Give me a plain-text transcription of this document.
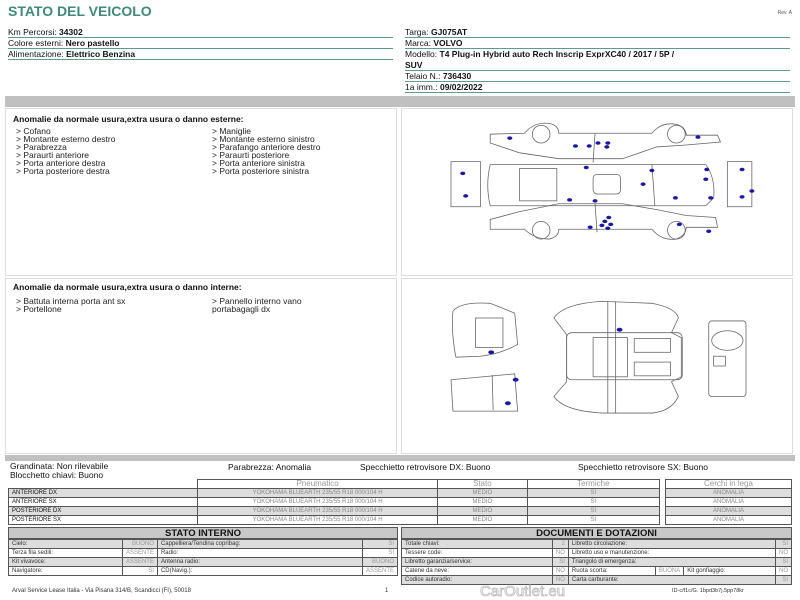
STATO DEL VEICOLO	Rev. A
Km Percorsi: 34302
Colore esterni: Nero pastello
Alimentazione: Elettrico Benzina
Targa: GJ075AT
Marca: VOLVO
Modello: T4 Plug-in Hybrid auto Rech Inscrip ExprXC40 / 2017 / 5P /
SUV
Telaio N.: 736430
1a imm.: 09/02/2022
Anomalie da normale usura,extra usura o danno esterne:
> Cofano
> Montante esterno destro
> Parabrezza
> Paraurti anteriore
> Porta anteriore destra
> Porta posteriore destra
> Maniglie
> Montante esterno sinistro
> Parafango anteriore destro
> Paraurti posteriore
> Porta anteriore sinistra
> Porta posteriore sinistra
Anomalie da normale usura,extra usura o danno interne:
> Battuta interna porta ant sx
> Portellone
> Pannello interno vano
portabagagli dx
Grandinata: Non rilevabile
Blocchetto chiavi: Buono
Parabrezza: Anomalia	Specchietto retrovisore DX: Buono	Specchietto retrovisore SX: Buono
	Pneumatico	Stato	Termiche
ANTERIORE DX	YOKOHAMA BLUEARTH 235/55 R18 000/104 H	MEDIO	SI
ANTERIORE SX	YOKOHAMA BLUEARTH 235/55 R18 000/104 H	MEDIO	SI
POSTERIORE DX	YOKOHAMA BLUEARTH 235/55 R18 000/104 H	MEDIO	SI
POSTERIORE SX	YOKOHAMA BLUEARTH 235/55 R18 000/104 H	MEDIO	SI
Cerchi in lega
ANOMALIA
ANOMALIA
ANOMALIA
ANOMALIA
STATO INTERNO
Cielo:	BUONO	Cappelliera/Tendina copribag:	SI
Terza fila sedili:	ASSENTE	Radio:	SI
Kit vivavoce:	ASSENTE	Antenna radio:	BUONO
Navigatore:	SI	CD(Navig.):	ASSENTE
DOCUMENTI E DOTAZIONI
Totale chiavi:	2	Libretto circolazione:			SI
Tessere code:	NO	Libretto uso e manutenzione:			NO
Libretto garanzia/service:	SI	Triangolo di emergenza:			SI
Catene da neve:	NO	Ruota scorta:	BUONA	Kit gonfiaggio:	NO
Codice autoradio:	NO	Carta carburante:			SI
CarOutlet.eu
Arval Service Lease Italia - Via Pisana 314/B, Scandicci (FI), 50018	1	ID-c/f1c/G. 1bpd3b7j.5pp78kr
